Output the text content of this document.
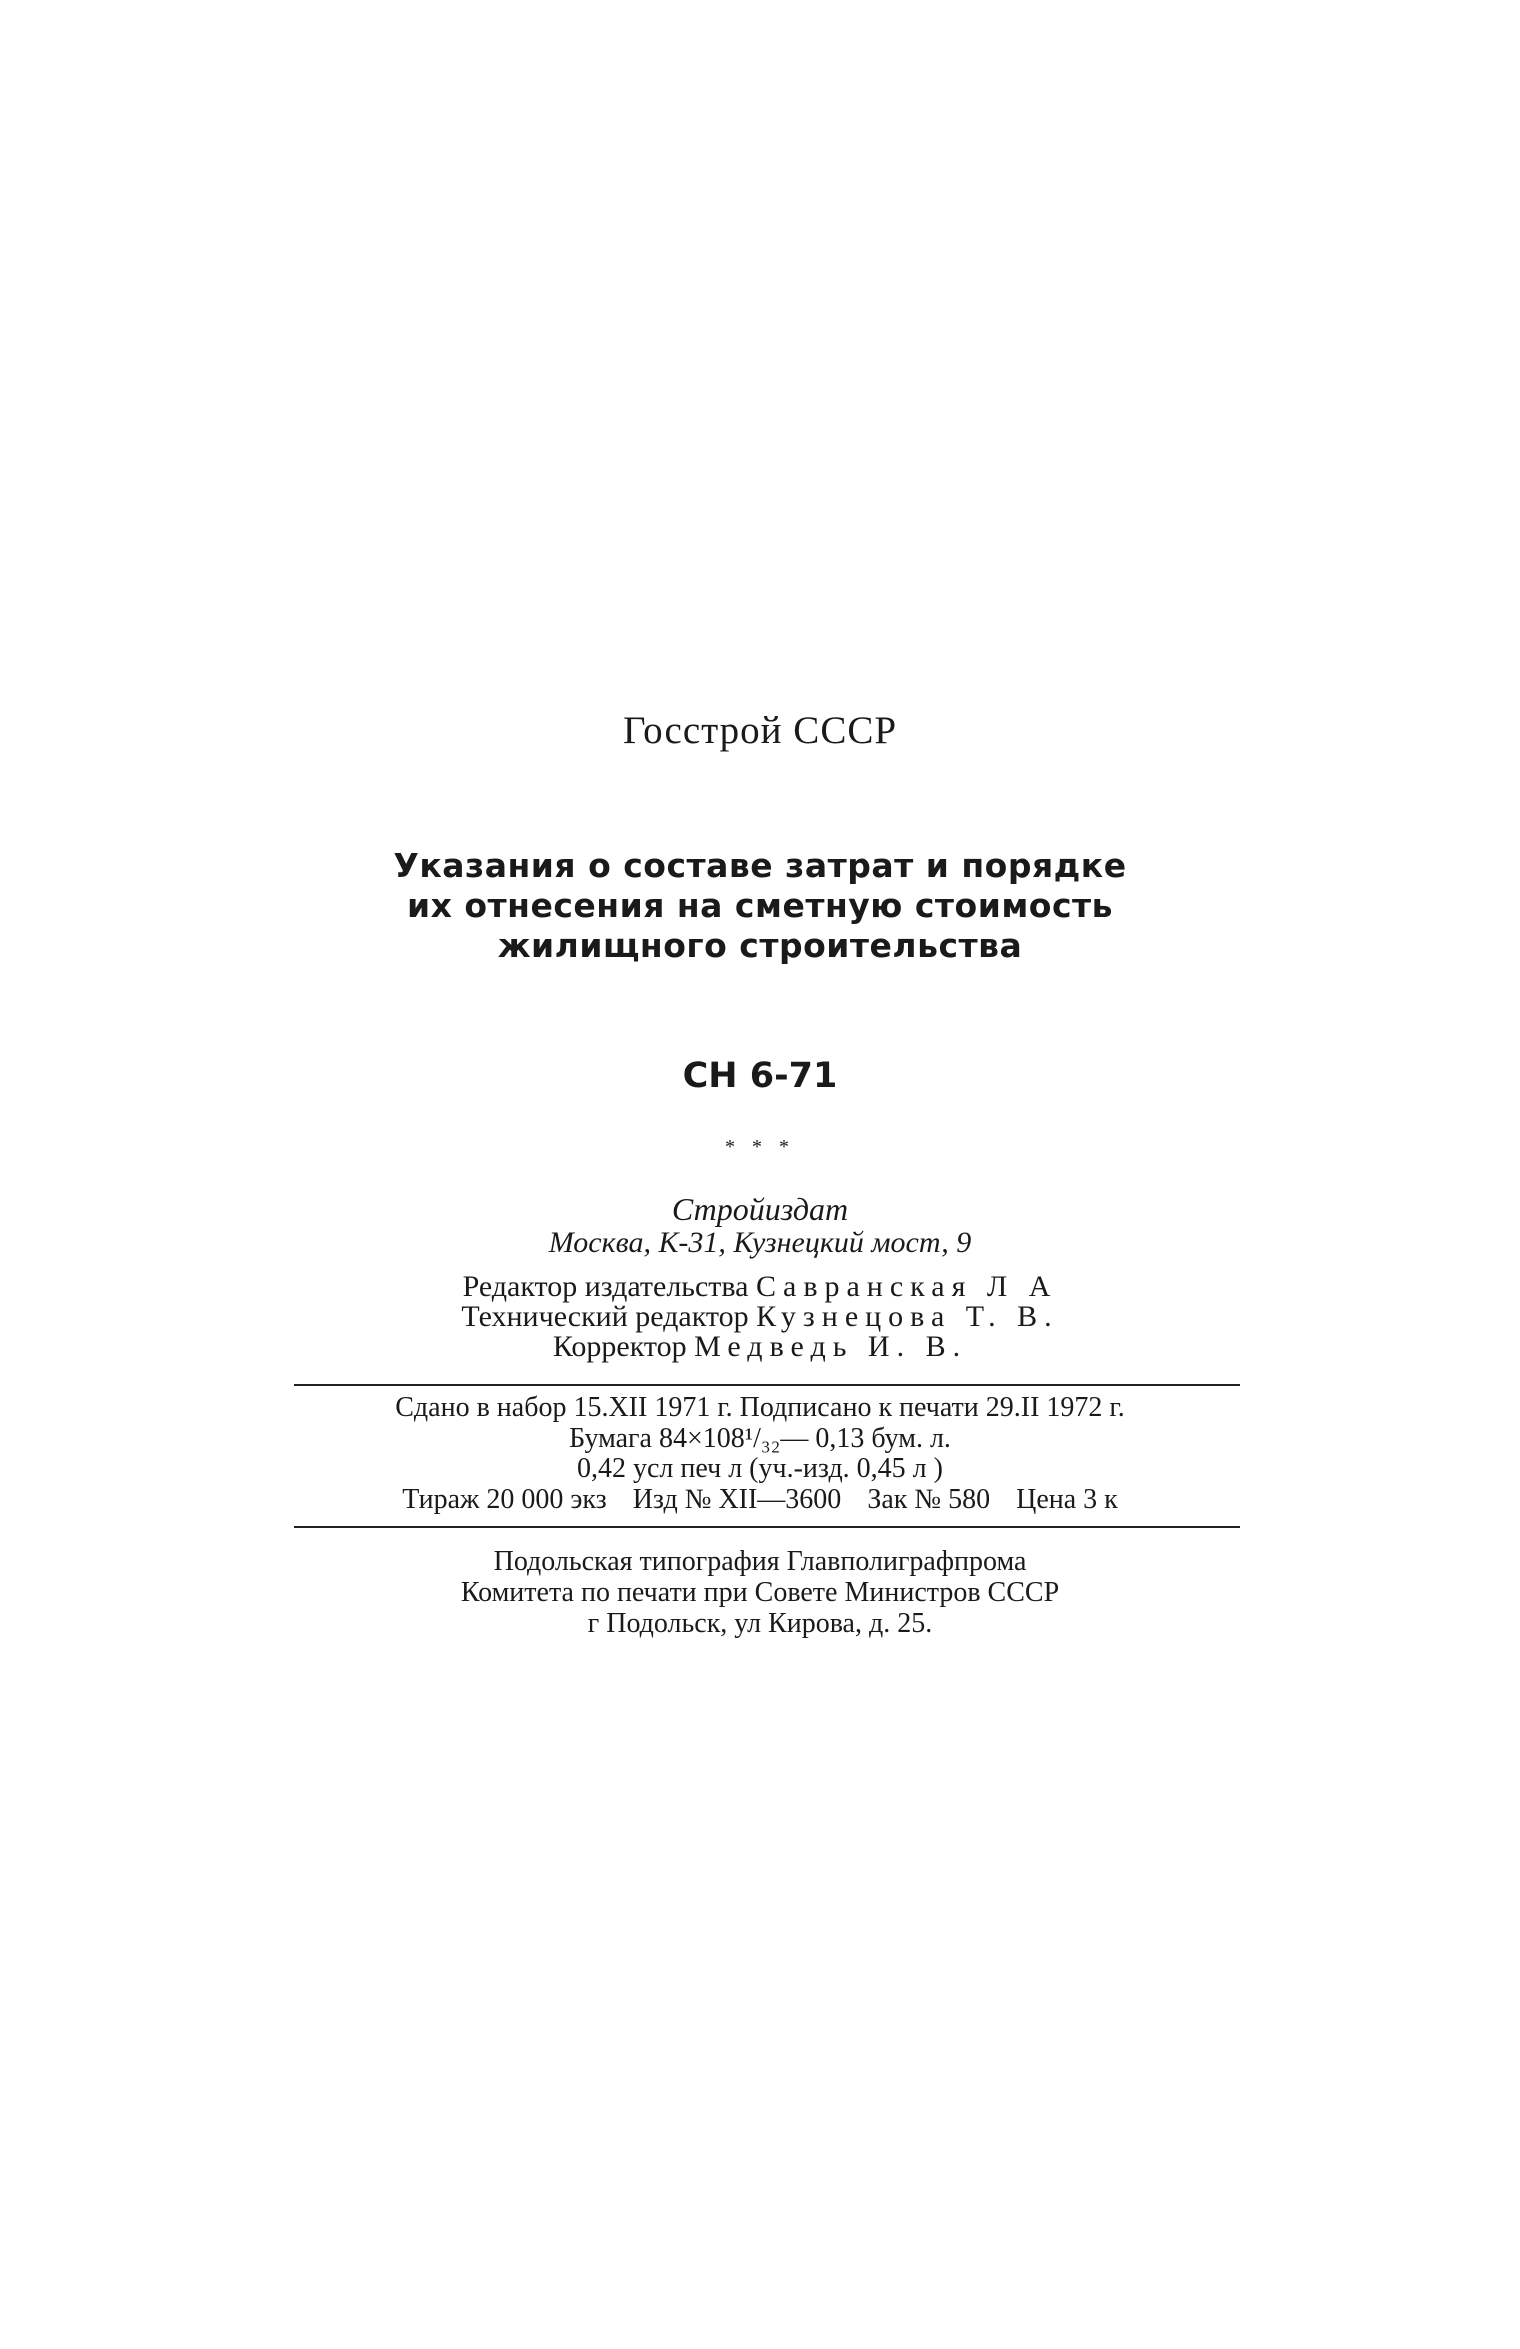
Госстрой СССР
Указания о составе затрат и порядке
их отнесения на сметную стоимость
жилищного строительства
СН 6-71
* * *
Стройиздат
Москва, К-31, Кузнецкий мост, 9
Редактор издательства Савранская Л А
Технический редактор Кузнецова Т. В.
Корректор Медведь И. В.
Сдано в набор 15.XII 1971 г. Подписано к печати 29.II 1972 г.
Бумага 84×108¹/₃₂— 0,13 бум. л.
0,42 усл печ л (уч.-изд. 0,45 л )
Тираж 20 000 экз Изд № XII—3600 Зак № 580 Цена 3 к
Подольская типография Главполиграфпрома
Комитета по печати при Совете Министров СССР
г Подольск, ул Кирова, д. 25.
